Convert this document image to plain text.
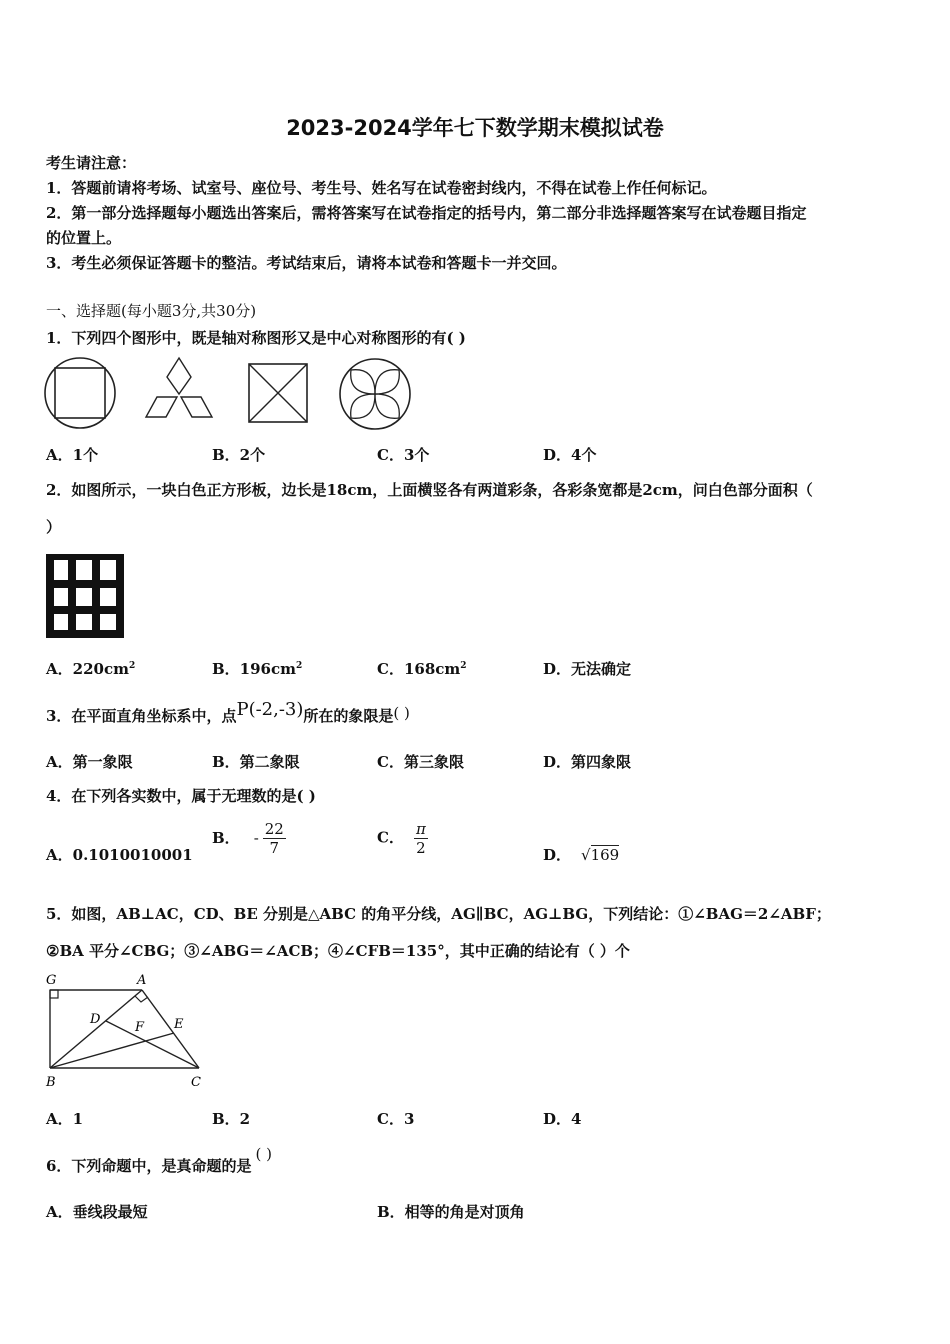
2023-2024学年七下数学期末模拟试卷
考生请注意：
1．答题前请将考场、试室号、座位号、考生号、姓名写在试卷密封线内，不得在试卷上作任何标记。
2．第一部分选择题每小题选出答案后，需将答案写在试卷指定的括号内，第二部分非选择题答案写在试卷题目指定
的位置上。
3．考生必须保证答题卡的整洁。考试结束后，请将本试卷和答题卡一并交回。
一、选择题(每小题3分,共30分)
1．下列四个图形中，既是轴对称图形又是中心对称图形的有( )
A．1个	B．2个	C．3个	D．4个
2．如图所示，一块白色正方形板，边长是18cm，上面横竖各有两道彩条，各彩条宽都是2cm，问白色部分面积（
）
A．$220cm^2$	B．$196cm^2$	C．$168cm^2$	D．无法确定
3．在平面直角坐标系中，点P(-2,-3)所在的象限是( )
A．第一象限	B．第二象限	C．第三象限	D．第四象限
4．在下列各实数中，属于无理数的是( )
A．0.1010010001
B． - $\frac{22}{7}$	C． $\frac{\pi}{2}$	D． √169
5．如图，AB⊥AC，CD、BE 分别是△ABC 的角平分线，AG∥BC，AG⊥BG，下列结论：①∠BAG＝2∠ABF；
②BA 平分∠CBG；③∠ABG＝∠ACB；④∠CFB＝135°，其中正确的结论有（ ）个
G	A
D
F E
B	C
A．1	B．2	C．3	D．4
6．下列命题中，是真命题的是( )
A．垂线段最短	B．相等的角是对顶角
